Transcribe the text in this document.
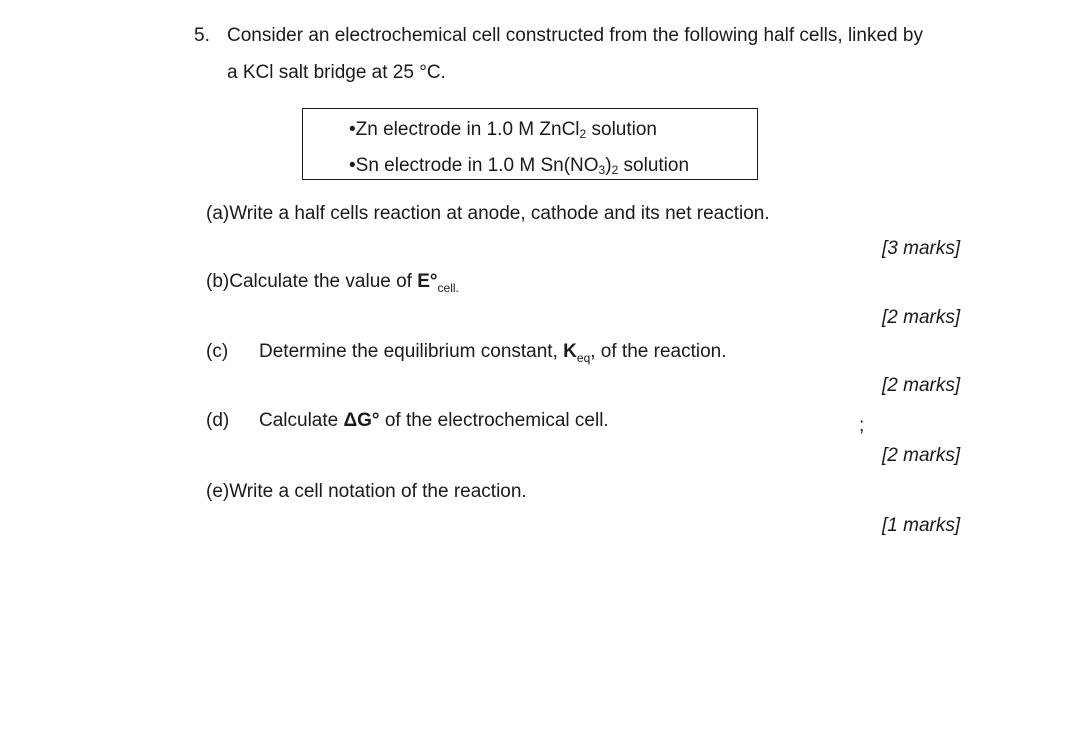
5. Consider an electrochemical cell constructed from the following half cells, linked by
a KCl salt bridge at 25 °C.
•Zn electrode in 1.0 M ZnCl$_2$ solution
•Sn electrode in 1.0 M $Sn(NO_3)_2$ solution
(a)Write a half cells reaction at anode, cathode and its net reaction.
[3 marks]
(b)Calculate the value of $E^\circ_{cell.}$
[2 marks]
(c) Determine the equilibrium constant, $K_{eq}$, of the reaction.
[2 marks]
(d) Calculate ΔG° of the electrochemical cell.	;
[2 marks]
(e)Write a cell notation of the reaction.
[1 marks]
